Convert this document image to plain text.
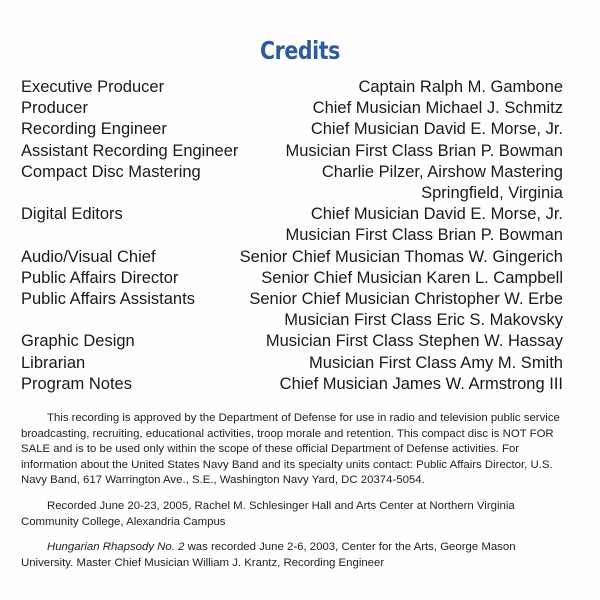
Credits
Executive Producer	Captain Ralph M. Gambone
Producer	Chief Musician Michael J. Schmitz
Recording Engineer	Chief Musician David E. Morse, Jr.
Assistant Recording Engineer	Musician First Class Brian P. Bowman
Compact Disc Mastering	Charlie Pilzer, Airshow Mastering
Springfield, Virginia
Digital Editors	Chief Musician David E. Morse, Jr.
Musician First Class Brian P. Bowman
Audio/Visual Chief	Senior Chief Musician Thomas W. Gingerich
Public Affairs Director	Senior Chief Musician Karen L. Campbell
Public Affairs Assistants	Senior Chief Musician Christopher W. Erbe
Musician First Class Eric S. Makovsky
Graphic Design	Musician First Class Stephen W. Hassay
Librarian	Musician First Class Amy M. Smith
Program Notes	Chief Musician James W. Armstrong III

This recording is approved by the Department of Defense for use in radio and television public service broadcasting, recruiting, educational activities, troop morale and retention. This compact disc is NOT FOR SALE and is to be used only within the scope of these official Department of Defense activities. For information about the United States Navy Band and its specialty units contact: Public Affairs Director, U.S. Navy Band, 617 Warrington Ave., S.E., Washington Navy Yard, DC 20374-5054.

Recorded June 20-23, 2005, Rachel M. Schlesinger Hall and Arts Center at Northern Virginia Community College, Alexandria Campus

Hungarian Rhapsody No. 2 was recorded June 2-6, 2003, Center for the Arts, George Mason University. Master Chief Musician William J. Krantz, Recording Engineer
